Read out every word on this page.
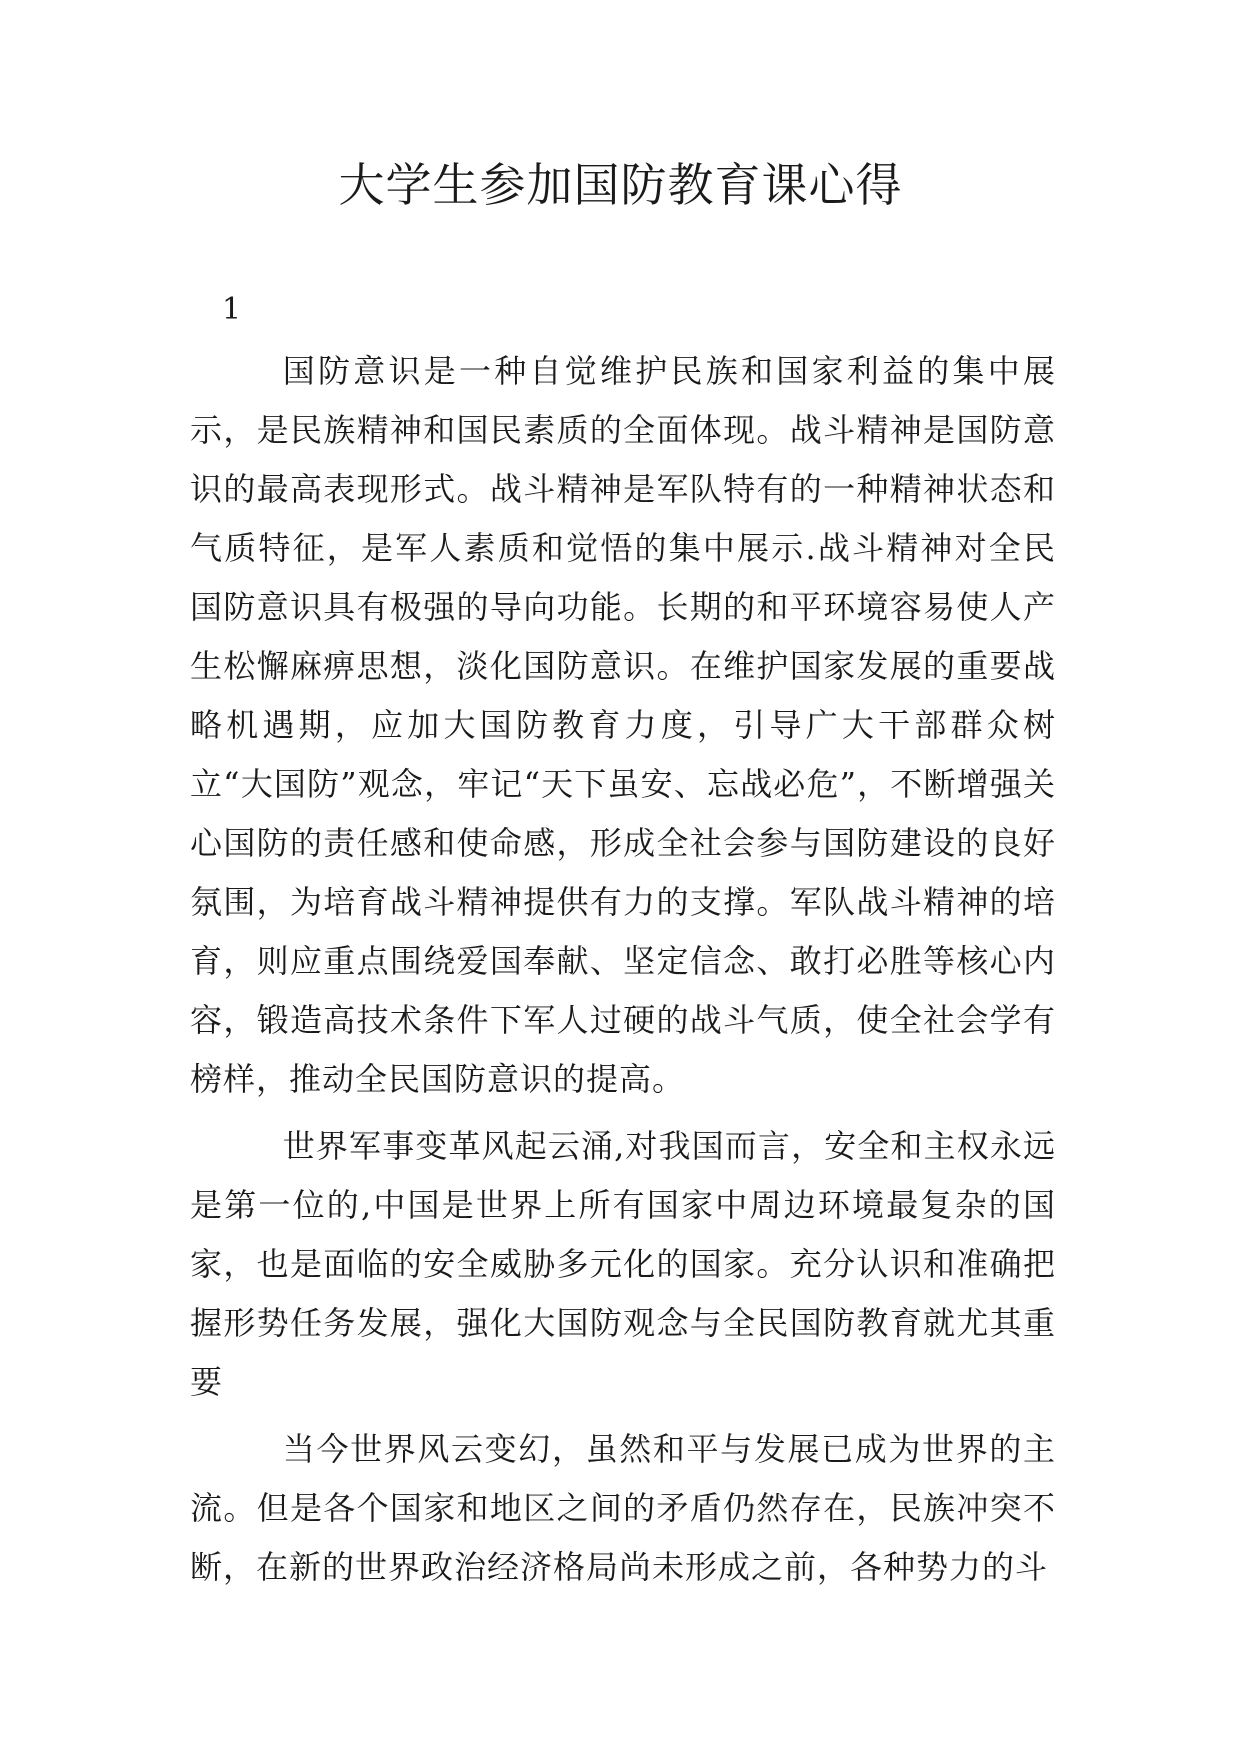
大学生参加国防教育课心得
1

国防意识是一种自觉维护民族和国家利益的集中展示，是民族精神和国民素质的全面体现。战斗精神是国防意识的最高表现形式。战斗精神是军队特有的一种精神状态和气质特征，是军人素质和觉悟的集中展示.战斗精神对全民国防意识具有极强的导向功能。长期的和平环境容易使人产生松懈麻痹思想，淡化国防意识。在维护国家发展的重要战略机遇期，应加大国防教育力度，引导广大干部群众树立“大国防”观念，牢记“天下虽安、忘战必危”，不断增强关心国防的责任感和使命感，形成全社会参与国防建设的良好氛围，为培育战斗精神提供有力的支撑。军队战斗精神的培育，则应重点围绕爱国奉献、坚定信念、敢打必胜等核心内容，锻造高技术条件下军人过硬的战斗气质，使全社会学有榜样，推动全民国防意识的提高。

世界军事变革风起云涌,对我国而言，安全和主权永远是第一位的,中国是世界上所有国家中周边环境最复杂的国家，也是面临的安全威胁多元化的国家。充分认识和准确把握形势任务发展，强化大国防观念与全民国防教育就尤其重要

当今世界风云变幻，虽然和平与发展已成为世界的主流。但是各个国家和地区之间的矛盾仍然存在，民族冲突不断，在新的世界政治经济格局尚未形成之前，各种势力的斗
